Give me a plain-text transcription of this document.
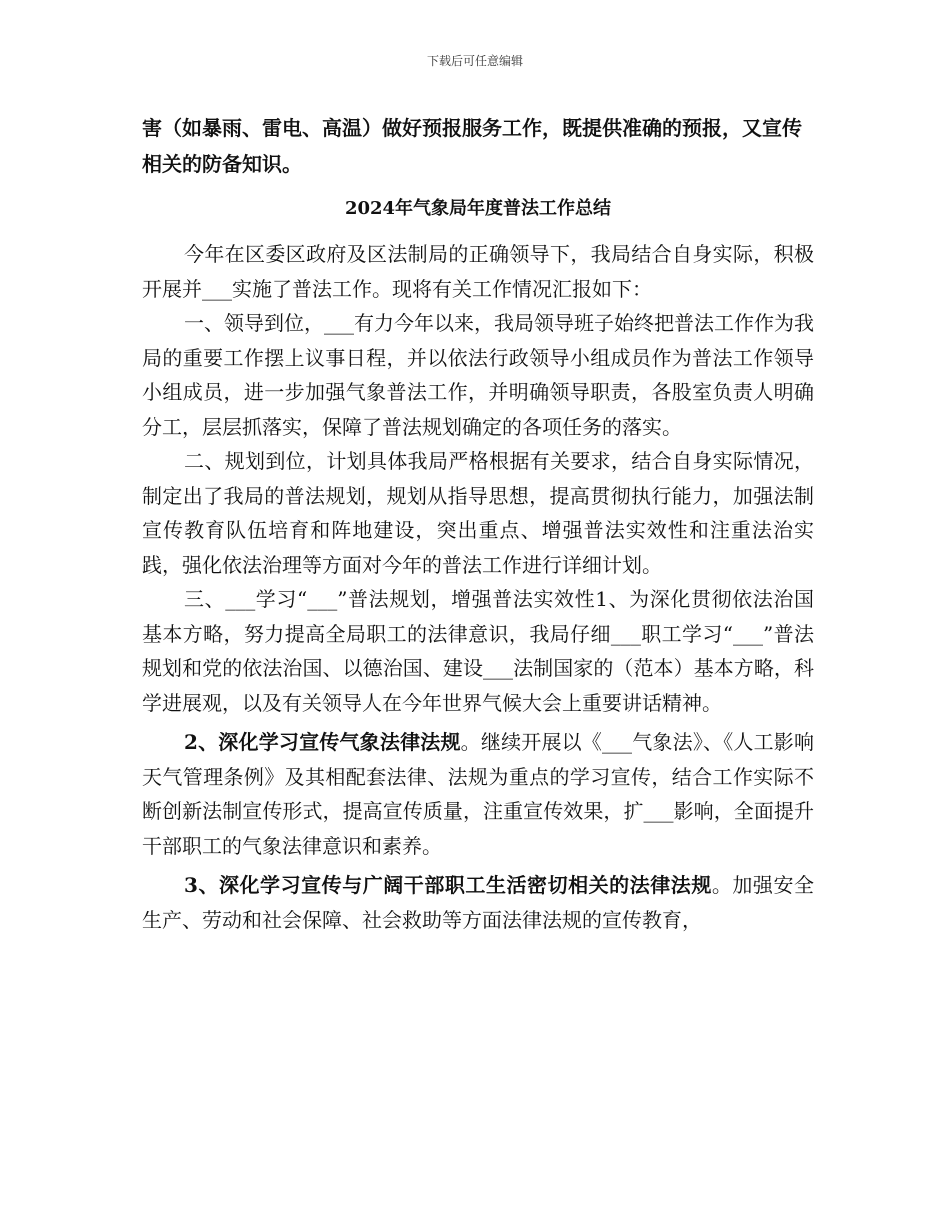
下载后可任意编辑

害（如暴雨、雷电、高温）做好预报服务工作，既提供准确的预报，又宣传相关的防备知识。

2024年气象局年度普法工作总结

今年在区委区政府及区法制局的正确领导下，我局结合自身实际，积极开展并___实施了普法工作。现将有关工作情况汇报如下：

一、领导到位，___有力今年以来，我局领导班子始终把普法工作作为我局的重要工作摆上议事日程，并以依法行政领导小组成员作为普法工作领导小组成员，进一步加强气象普法工作，并明确领导职责，各股室负责人明确分工，层层抓落实，保障了普法规划确定的各项任务的落实。

二、规划到位，计划具体我局严格根据有关要求，结合自身实际情况，制定出了我局的普法规划，规划从指导思想，提高贯彻执行能力，加强法制宣传教育队伍培育和阵地建设，突出重点、增强普法实效性和注重法治实践，强化依法治理等方面对今年的普法工作进行详细计划。

三、___学习“___”普法规划，增强普法实效性1、为深化贯彻依法治国基本方略，努力提高全局职工的法律意识，我局仔细___职工学习“___”普法规划和党的依法治国、以德治国、建设___法制国家的（范本）基本方略，科学进展观，以及有关领导人在今年世界气候大会上重要讲话精神。

2、深化学习宣传气象法律法规。继续开展以《___气象法》、《人工影响天气管理条例》及其相配套法律、法规为重点的学习宣传，结合工作实际不断创新法制宣传形式，提高宣传质量，注重宣传效果，扩___影响，全面提升干部职工的气象法律意识和素养。

3、深化学习宣传与广阔干部职工生活密切相关的法律法规。加强安全生产、劳动和社会保障、社会救助等方面法律法规的宣传教育，
